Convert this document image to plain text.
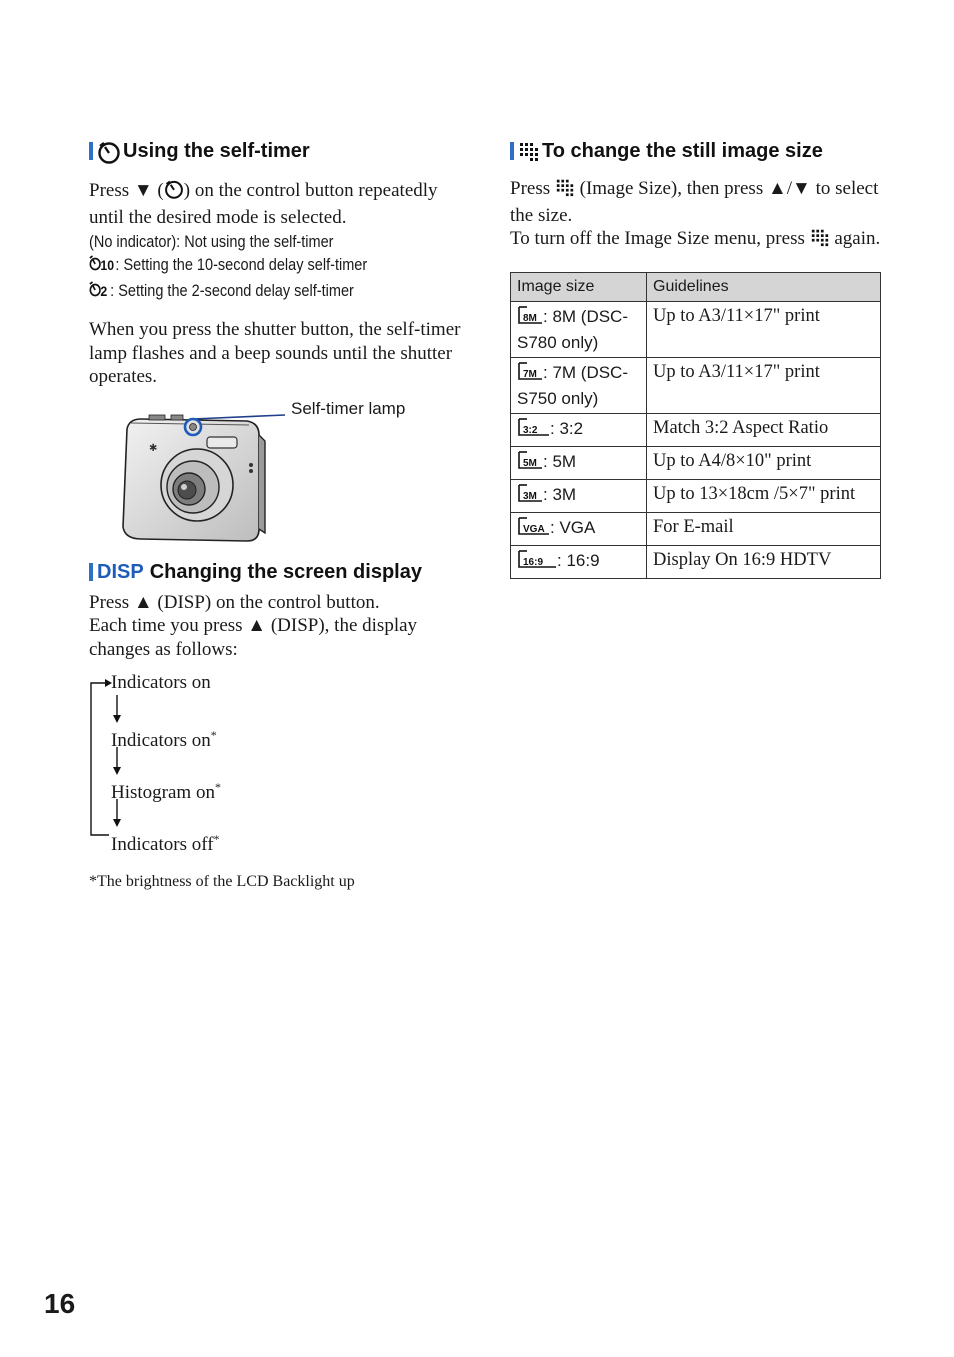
Using the self-timer

Press ▼ ( ) on the control button repeatedly until the desired mode is selected.

(No indicator): Not using the self-timer
10 : Setting the 10-second delay self-timer
2 : Setting the 2-second delay self-timer

When you press the shutter button, the self-timer lamp flashes and a beep sounds until the shutter operates.

✱
Self-timer lamp
DISP Changing the screen display

Press ▲ (DISP) on the control button.

Each time you press ▲ (DISP), the display changes as follows:

Indicators on
Indicators on*
Histogram on*
Indicators off*

*The brightness of the LCD Backlight up

To change the still image size

Press (Image Size), then press ▲/▼ to select the size.

To turn off the Image Size menu, press again.

Image size	Guidelines

8M : 8M (DSC-S780 only)	Up to A3/11×17" print

7M : 7M (DSC-S750 only)	Up to A3/11×17" print

3:2 : 3:2	Match 3:2 Aspect Ratio

5M : 5M	Up to A4/8×10" print

3M : 3M	Up to 13×18cm /5×7" print

VGA : VGA	For E-mail

16:9 : 16:9	Display On 16:9 HDTV
16
